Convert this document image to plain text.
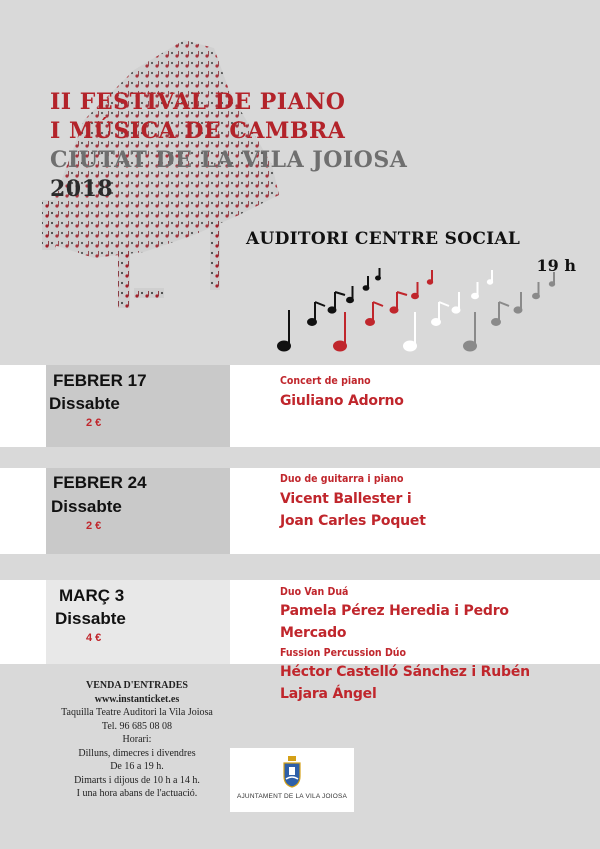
II FESTIVAL DE PIANO
I MÚSICA DE CAMBRA
CIUTAT DE LA VILA JOIOSA
2018
AUDITORI CENTRE SOCIAL
19 h
FEBRER 17
Dissabte
2 €
Concert de piano
Giuliano Adorno
FEBRER 24
Dissabte
2 €
Duo de guitarra i piano
Vicent Ballester i
Joan Carles Poquet
MARÇ 3
Dissabte
4 €
Duo Van Duá
Pamela Pérez Heredia i Pedro
Mercado
Fussion Percussion Dúo
Héctor Castelló Sánchez i Rubén
Lajara Ángel
VENDA D'ENTRADES
www.instanticket.es
Taquilla Teatre Auditori la Vila Joiosa
Tel. 96 685 08 08
Horari:
Dilluns, dimecres i divendres
De 16 a 19 h.
Dimarts i dijous de 10 h a 14 h.
I una hora abans de l'actuació.	AJUNTAMENT DE LA VILA JOIOSA
